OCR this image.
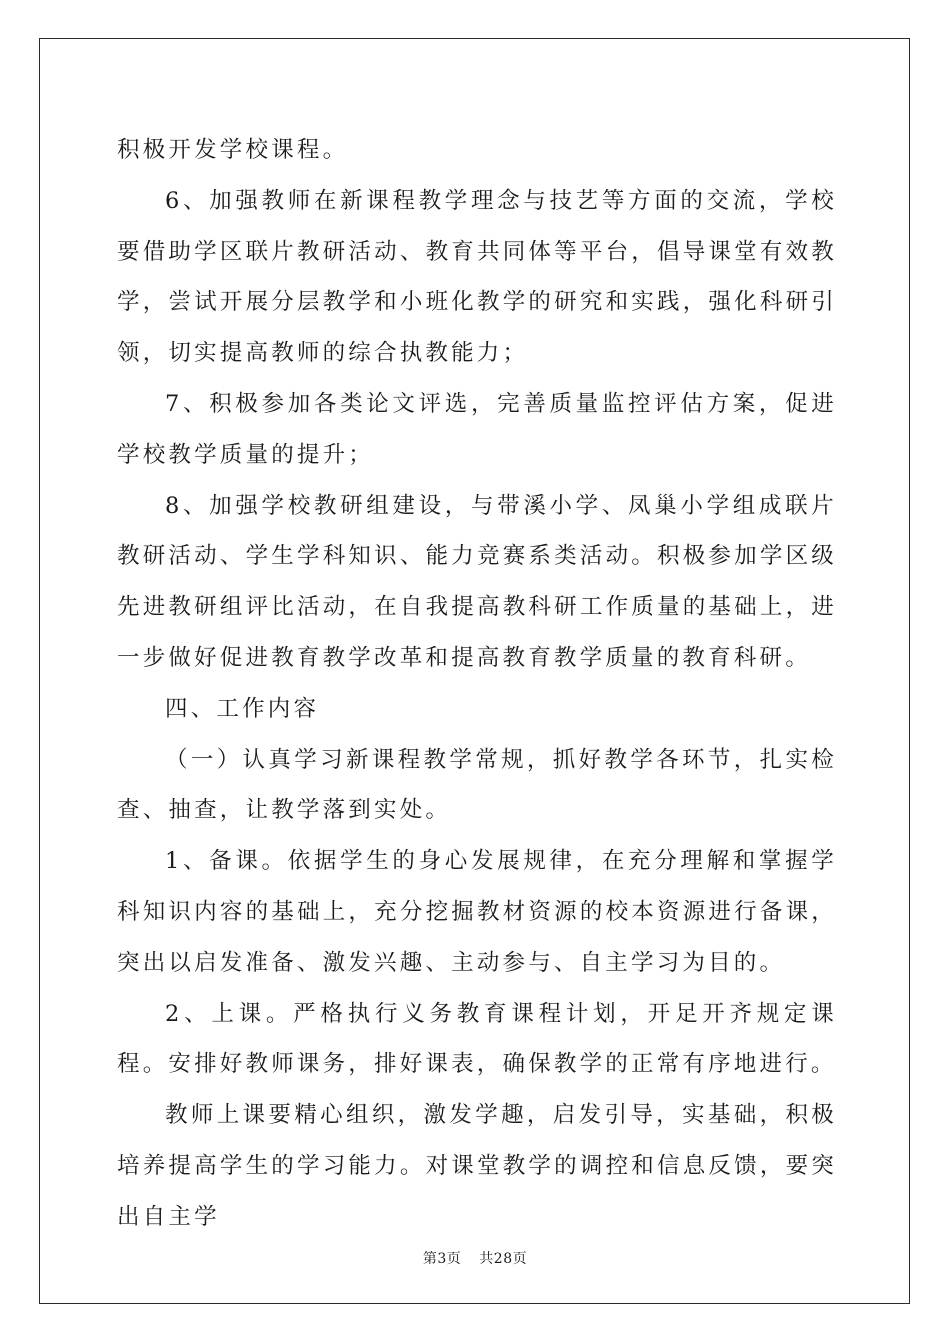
积极开发学校课程。

6、加强教师在新课程教学理念与技艺等方面的交流，学校要借助学区联片教研活动、教育共同体等平台，倡导课堂有效教学，尝试开展分层教学和小班化教学的研究和实践，强化科研引领，切实提高教师的综合执教能力；

7、积极参加各类论文评选，完善质量监控评估方案，促进学校教学质量的提升；

8、加强学校教研组建设，与带溪小学、凤巢小学组成联片教研活动、学生学科知识、能力竞赛系类活动。积极参加学区级先进教研组评比活动，在自我提高教科研工作质量的基础上，进一步做好促进教育教学改革和提高教育教学质量的教育科研。

四、工作内容

（一）认真学习新课程教学常规，抓好教学各环节，扎实检查、抽查，让教学落到实处。

1、备课。依据学生的身心发展规律，在充分理解和掌握学科知识内容的基础上，充分挖掘教材资源的校本资源进行备课，突出以启发准备、激发兴趣、主动参与、自主学习为目的。

2、上课。严格执行义务教育课程计划，开足开齐规定课程。安排好教师课务，排好课表，确保教学的正常有序地进行。

教师上课要精心组织，激发学趣，启发引导，实基础，积极培养提高学生的学习能力。对课堂教学的调控和信息反馈，要突出自主学

第3页 共28页
